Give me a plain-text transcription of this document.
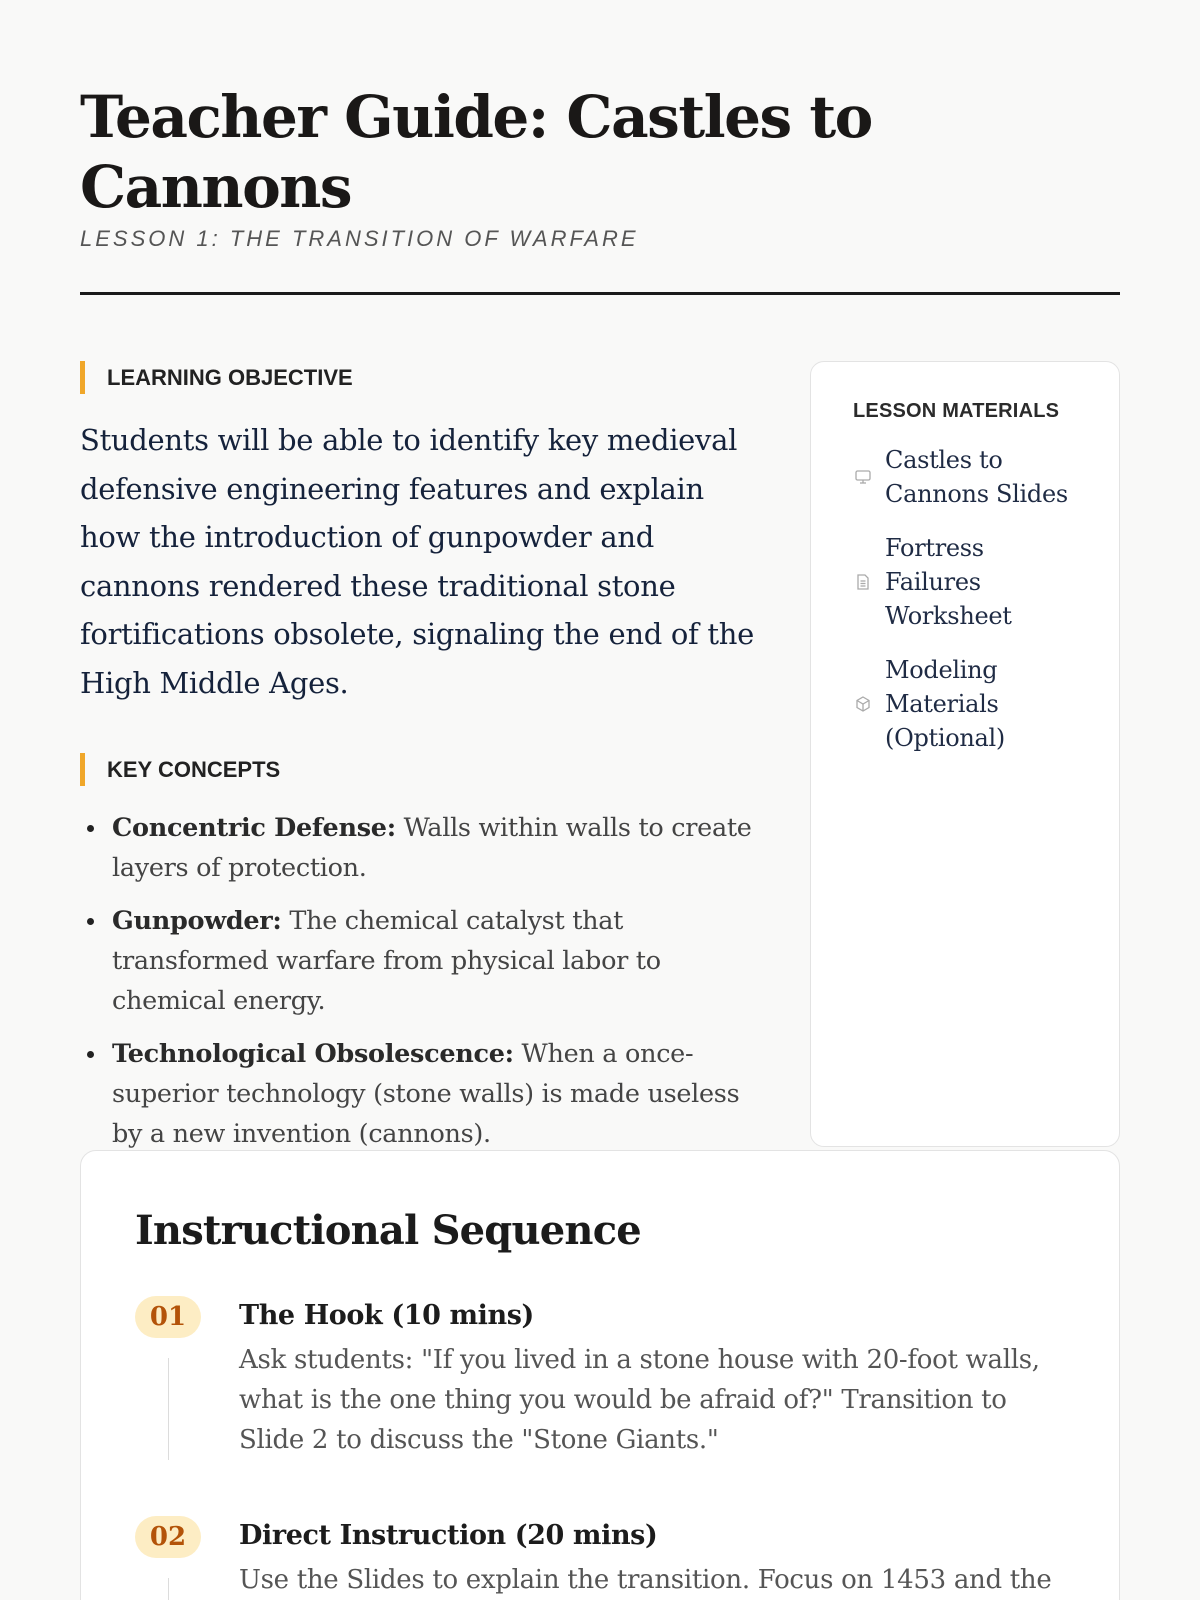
Teacher Guide: Castles to Cannons
LESSON 1: THE TRANSITION OF WARFARE
LEARNING OBJECTIVE

Students will be able to identify key medieval defensive engineering features and explain how the introduction of gunpowder and cannons rendered these traditional stone fortifications obsolete, signaling the end of the High Middle Ages.

KEY CONCEPTS
Concentric Defense: Walls within walls to create layers of protection.
Gunpowder: The chemical catalyst that transformed warfare from physical labor to chemical energy.
Technological Obsolescence: When a once-superior technology (stone walls) is made useless by a new invention (cannons).
LESSON MATERIALS
Castles to Cannons Slides
Fortress Failures Worksheet
Modeling Materials (Optional)
Instructional Sequence
01	The Hook (10 mins)
Ask students: "If you lived in a stone house with 20-foot walls, what is the one thing you would be afraid of?" Transition to Slide 2 to discuss the "Stone Giants."
02	Direct Instruction (20 mins)
Use the Slides to explain the transition. Focus on 1453 and the
